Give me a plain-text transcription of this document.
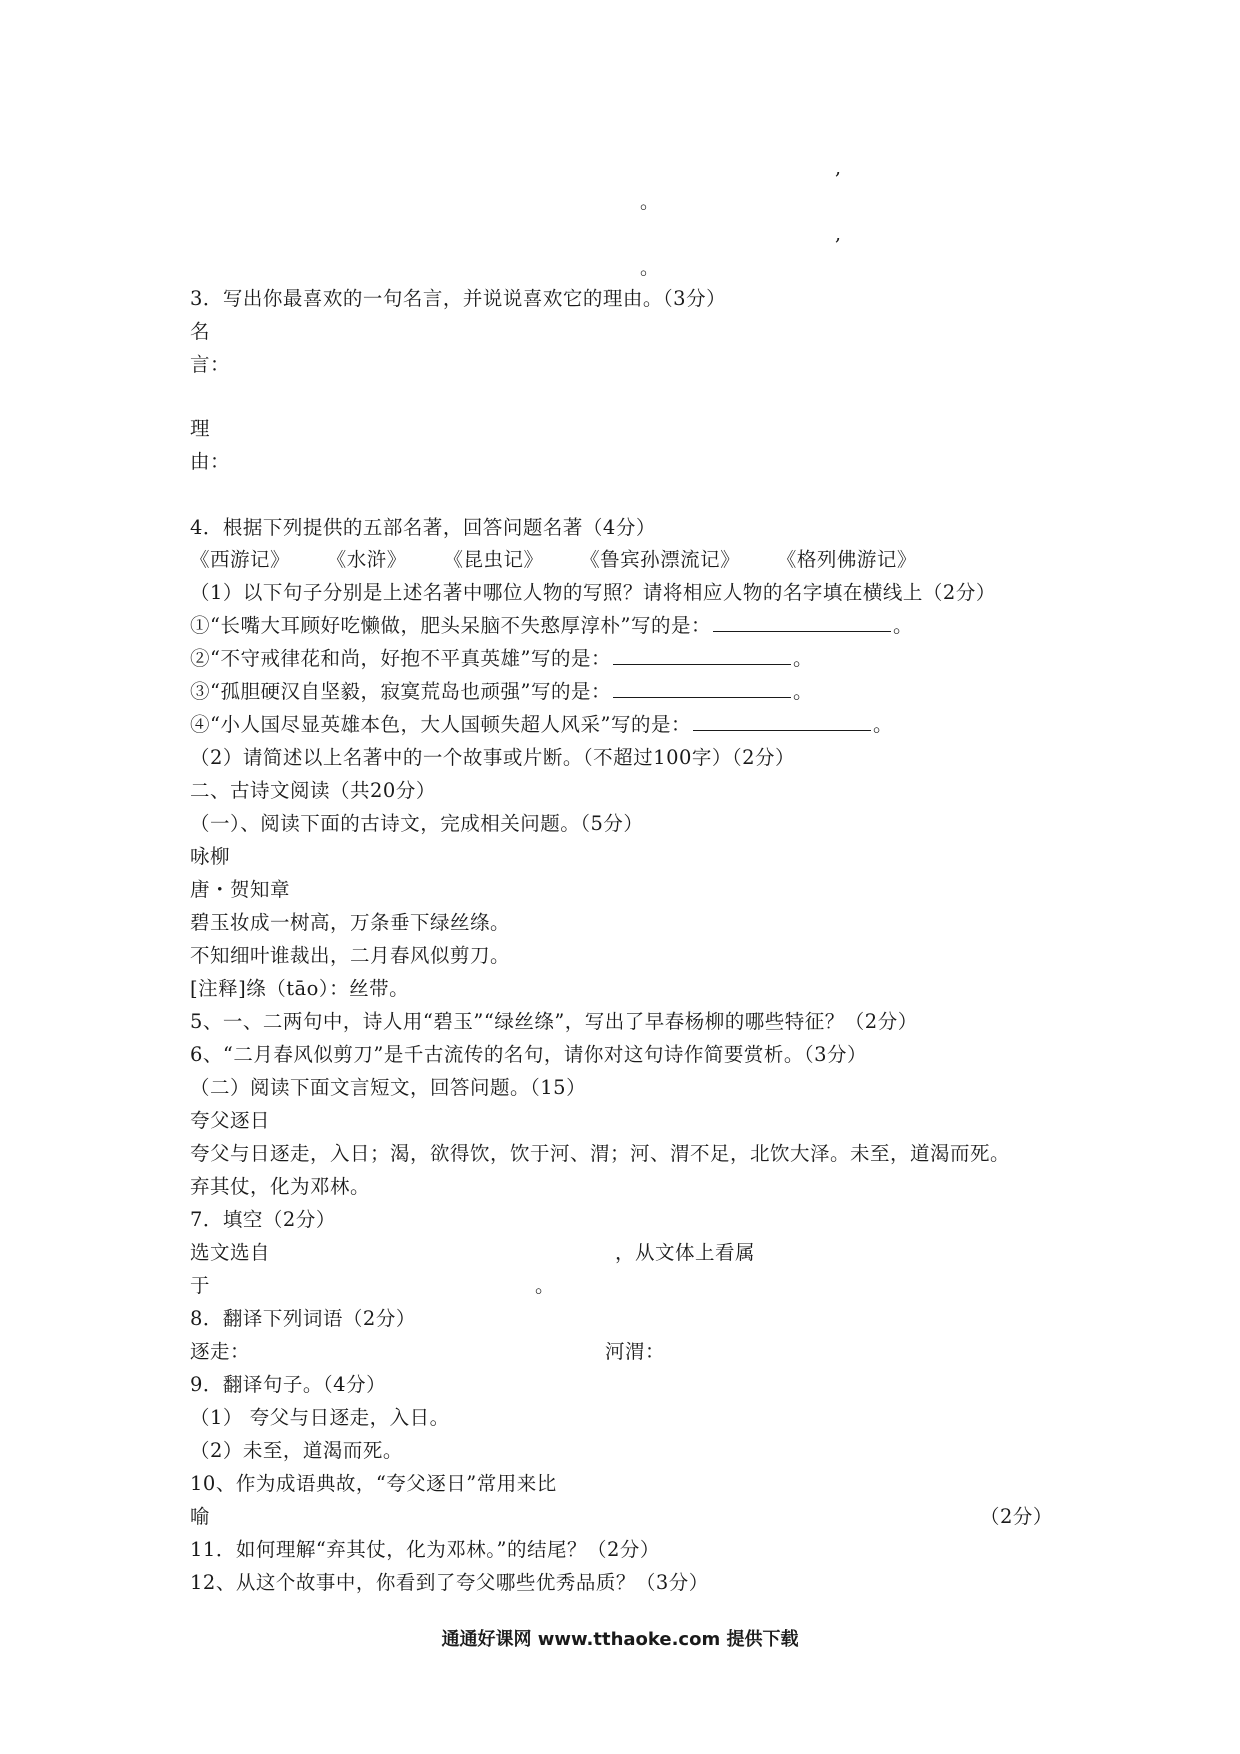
,
。
,
。
3．写出你最喜欢的一句名言，并说说喜欢它的理由。（3分）
名
言：
理
由：
4．根据下列提供的五部名著，回答问题名著（4分）
《西游记》 《水浒》 《昆虫记》 《鲁宾孙漂流记》 《格列佛游记》
（1）以下句子分别是上述名著中哪位人物的写照？请将相应人物的名字填在横线上（2分）
①“长嘴大耳顾好吃懒做，肥头呆脑不失憨厚淳朴”写的是：	。
②“不守戒律花和尚，好抱不平真英雄”写的是：	。
③“孤胆硬汉自坚毅，寂寞荒岛也顽强”写的是：	。
④“小人国尽显英雄本色，大人国顿失超人风采”写的是：	。
（2）请简述以上名著中的一个故事或片断。（不超过100字）（2分）
二、古诗文阅读（共20分）
（一）、阅读下面的古诗文，完成相关问题。（5分）
咏柳
唐・贺知章
碧玉妆成一树高，万条垂下绿丝绦。
不知细叶谁裁出，二月春风似剪刀。
[注释]绦（tāo）：丝带。
5、一、二两句中，诗人用“碧玉”“绿丝绦”，写出了早春杨柳的哪些特征？（2分）
6、“二月春风似剪刀”是千古流传的名句，请你对这句诗作简要赏析。（3分）
（二）阅读下面文言短文，回答问题。（15）
夸父逐日
夸父与日逐走，入日；渴，欲得饮，饮于河、渭；河、渭不足，北饮大泽。未至，道渴而死。
弃其仗，化为邓林。
7．填空（2分）
选文选自	，从文体上看属
于	。
8．翻译下列词语（2分）
逐走：	河渭：
9．翻译句子。（4分）
（1） 夸父与日逐走，入日。
（2）未至，道渴而死。
10、作为成语典故，“夸父逐日”常用来比
喻	（2分）
11．如何理解“弃其仗，化为邓林。”的结尾？（2分）
12、从这个故事中，你看到了夸父哪些优秀品质？（3分）
通通好课网 www.tthaoke.com 提供下载
